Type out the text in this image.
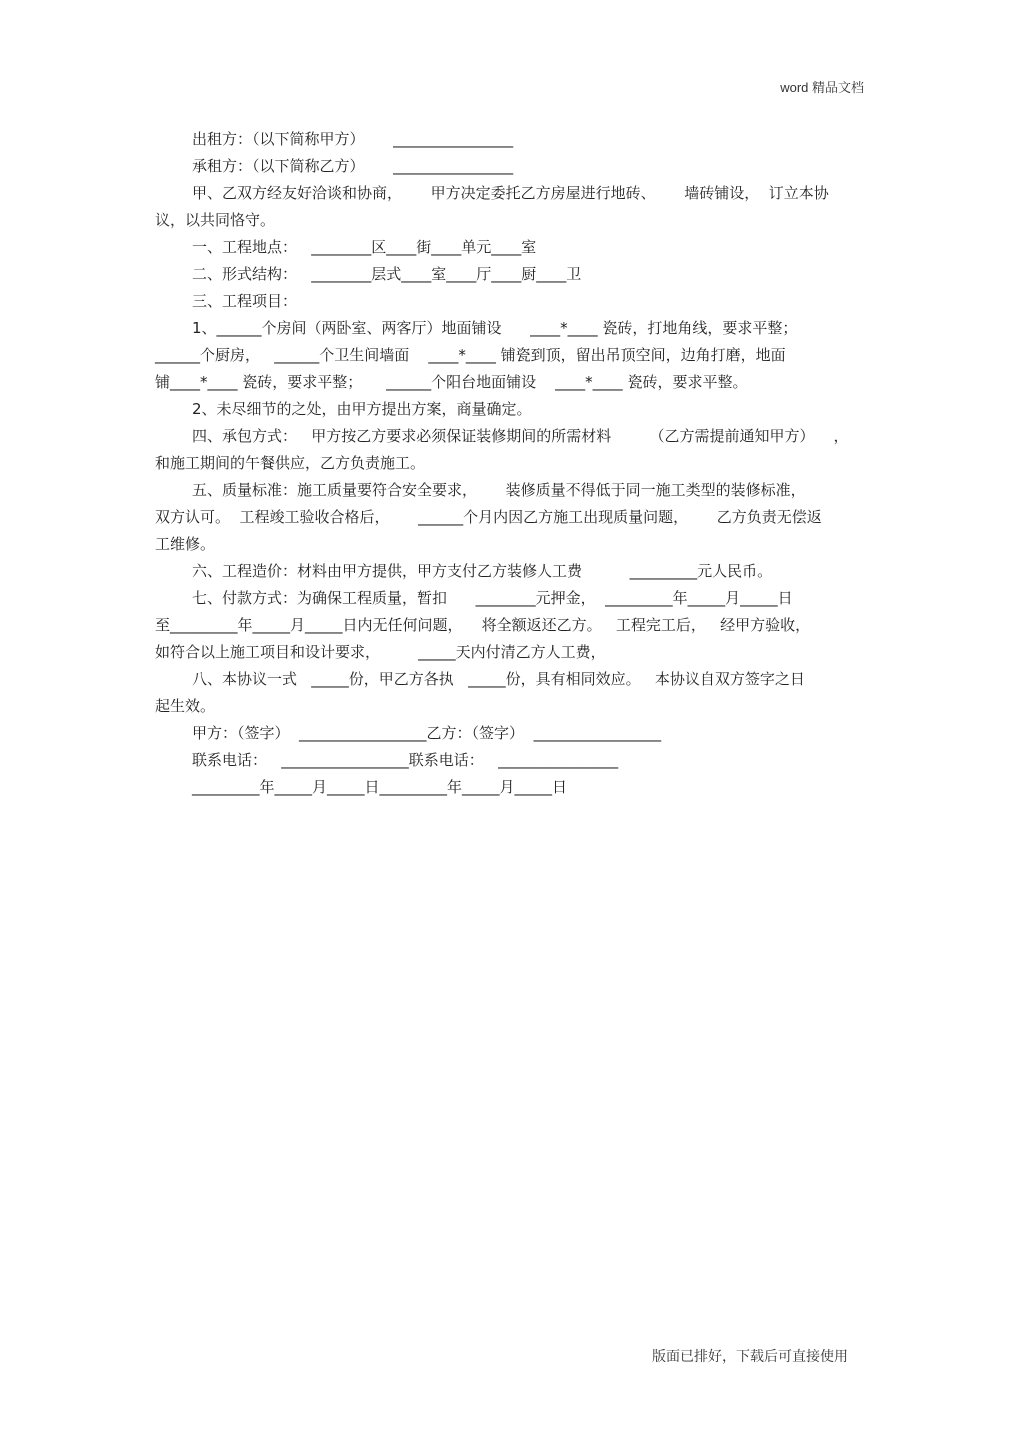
word 精品文档
出租方：（以下简称甲方）      ________________
承租方：（以下简称乙方）      ________________
甲、乙双方经友好洽谈和协商，      甲方决定委托乙方房屋进行地砖、      墙砖铺设，  订立本协
议，以共同恪守。
一、工程地点：   ________区____街____单元____室
二、形式结构：   ________层式____室____厅____厨____卫
三、工程项目：
1、______个房间（两卧室、两客厅）地面铺设      ____*____ 瓷砖，打地角线，要求平整；
______个厨房，   ______个卫生间墙面    ____*____ 铺瓷到顶，留出吊顶空间，边角打磨，地面
铺____*____ 瓷砖，要求平整；     ______个阳台地面铺设    ____*____ 瓷砖，要求平整。
2、未尽细节的之处，由甲方提出方案，商量确定。
四、承包方式：   甲方按乙方要求必须保证装修期间的所需材料        （乙方需提前通知甲方）    ，
和施工期间的午餐供应，乙方负责施工。
五、质量标准：施工质量要符合安全要求，      装修质量不得低于同一施工类型的装修标准，
双方认可。  工程竣工验收合格后，      ______个月内因乙方施工出现质量问题，      乙方负责无偿返
工维修。
六、工程造价：材料由甲方提供，甲方支付乙方装修人工费          _________元人民币。
七、付款方式：为确保工程质量，暂扣      ________元押金，  _________年_____月_____日
至_________年_____月_____日内无任何问题，    将全额返还乙方。   工程完工后，   经甲方验收，
如符合以上施工项目和设计要求，        _____天内付清乙方人工费，
八、本协议一式   _____份，甲乙方各执   _____份，具有相同效应。   本协议自双方签字之日
起生效。
甲方：（签字）  _________________乙方：（签字）  _________________
联系电话：   _________________联系电话：   ________________
_________年_____月_____日_________年_____月_____日
版面已排好，下载后可直接使用
